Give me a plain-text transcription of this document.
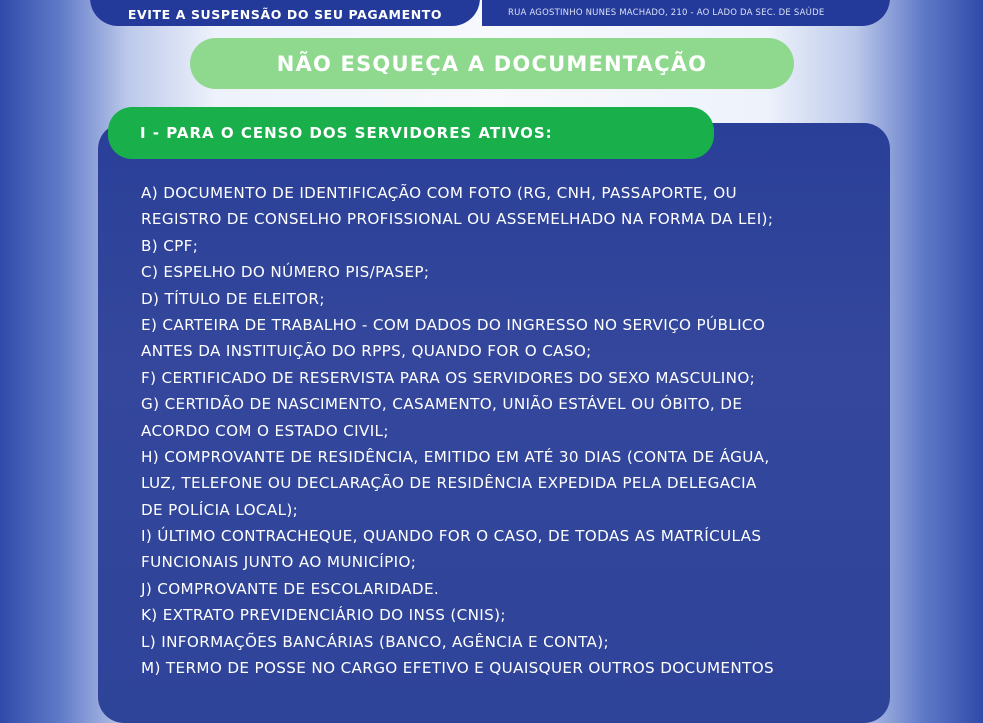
EVITE A SUSPENSÃO DO SEU PAGAMENTO	RUA AGOSTINHO NUNES MACHADO, 210 - AO LADO DA SEC. DE SAÚDE
NÃO ESQUEÇA A DOCUMENTAÇÃO
I - PARA O CENSO DOS SERVIDORES ATIVOS:
A) DOCUMENTO DE IDENTIFICAÇÃO COM FOTO (RG, CNH, PASSAPORTE, OU
REGISTRO DE CONSELHO PROFISSIONAL OU ASSEMELHADO NA FORMA DA LEI);
B) CPF;
C) ESPELHO DO NÚMERO PIS/PASEP;
D) TÍTULO DE ELEITOR;
E) CARTEIRA DE TRABALHO - COM DADOS DO INGRESSO NO SERVIÇO PÚBLICO
ANTES DA INSTITUIÇÃO DO RPPS, QUANDO FOR O CASO;
F) CERTIFICADO DE RESERVISTA PARA OS SERVIDORES DO SEXO MASCULINO;
G) CERTIDÃO DE NASCIMENTO, CASAMENTO, UNIÃO ESTÁVEL OU ÓBITO, DE
ACORDO COM O ESTADO CIVIL;
H) COMPROVANTE DE RESIDÊNCIA, EMITIDO EM ATÉ 30 DIAS (CONTA DE ÁGUA,
LUZ, TELEFONE OU DECLARAÇÃO DE RESIDÊNCIA EXPEDIDA PELA DELEGACIA
DE POLÍCIA LOCAL);
I) ÚLTIMO CONTRACHEQUE, QUANDO FOR O CASO, DE TODAS AS MATRÍCULAS
FUNCIONAIS JUNTO AO MUNICÍPIO;
J) COMPROVANTE DE ESCOLARIDADE.
K) EXTRATO PREVIDENCIÁRIO DO INSS (CNIS);
L) INFORMAÇÕES BANCÁRIAS (BANCO, AGÊNCIA E CONTA);
M) TERMO DE POSSE NO CARGO EFETIVO E QUAISQUER OUTROS DOCUMENTOS
